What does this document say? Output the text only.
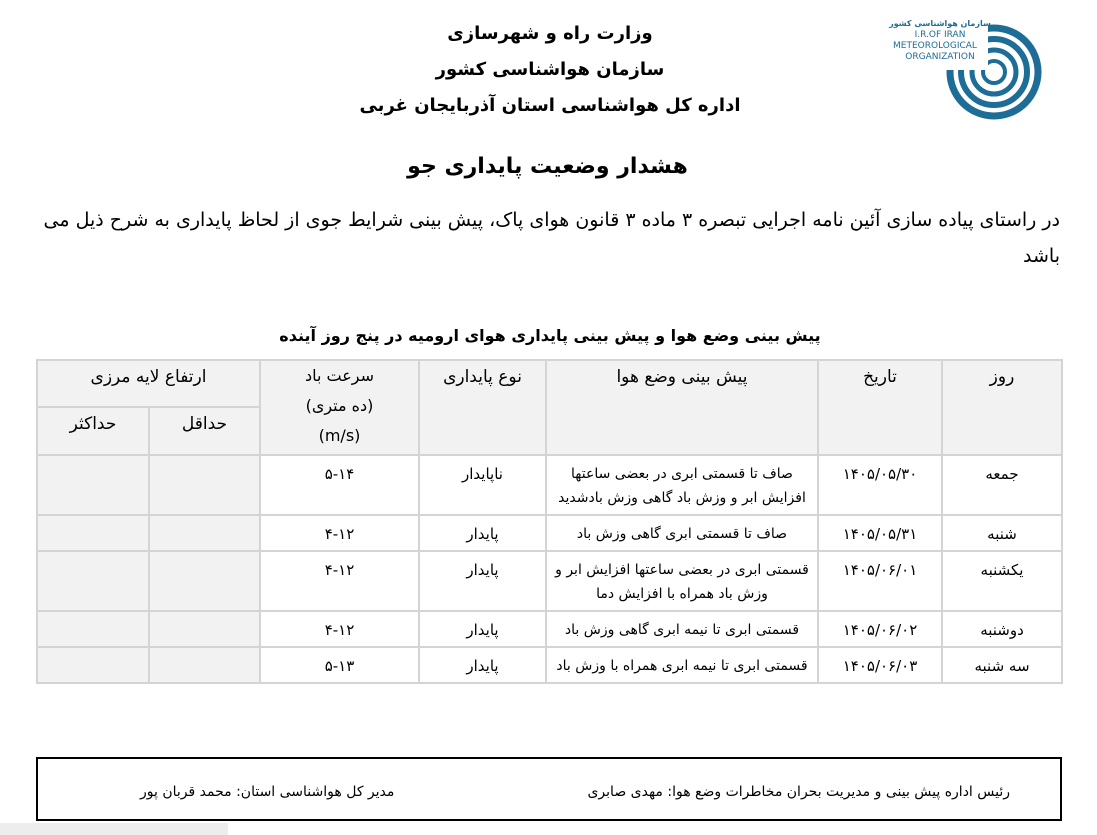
وزارت راه و شهرسازی
سازمان هواشناسی کشور
اداره کل هواشناسی استان آذربایجان غربی
سازمان هواشناسی کشور
I.R.OF IRAN
METEOROLOGICAL
ORGANIZATION
هشدار وضعیت پایداری جو
در راستای پیاده سازی آئین نامه اجرایی تبصره ۳ ماده ۳ قانون هوای پاک، پیش بینی شرایط جوی از لحاظ پایداری به شرح ذیل می باشد
پیش بینی وضع هوا و پیش بینی پایداری هوای ارومیه در پنج روز آینده
روز	تاریخ	پیش بینی وضع هوا	نوع پایداری	سرعت باد
(ده متری)
(m/s)	ارتفاع لایه مرزی	
					حداقل	حداکثر
جمعه	۱۴۰۵/۰۵/۳۰	صاف تا قسمتی ابری در بعضی ساعتها افزایش ابر و وزش باد گاهی وزش بادشدید	ناپایدار	۵-۱۴		
شنبه	۱۴۰۵/۰۵/۳۱	صاف تا قسمتی ابری گاهی وزش باد	پایدار	۴-۱۲		
یکشنبه	۱۴۰۵/۰۶/۰۱	قسمتی ابری در بعضی ساعتها افزایش ابر و وزش باد همراه با افزایش دما	پایدار	۴-۱۲		
دوشنبه	۱۴۰۵/۰۶/۰۲	قسمتی ابری تا نیمه ابری گاهی وزش باد	پایدار	۴-۱۲		
سه شنبه	۱۴۰۵/۰۶/۰۳	قسمتی ابری تا نیمه ابری همراه با وزش باد	پایدار	۵-۱۳		
رئیس اداره پیش بینی و مدیریت بحران مخاطرات وضع هوا: مهدی صابری
مدیر کل هواشناسی استان: محمد قربان پور
